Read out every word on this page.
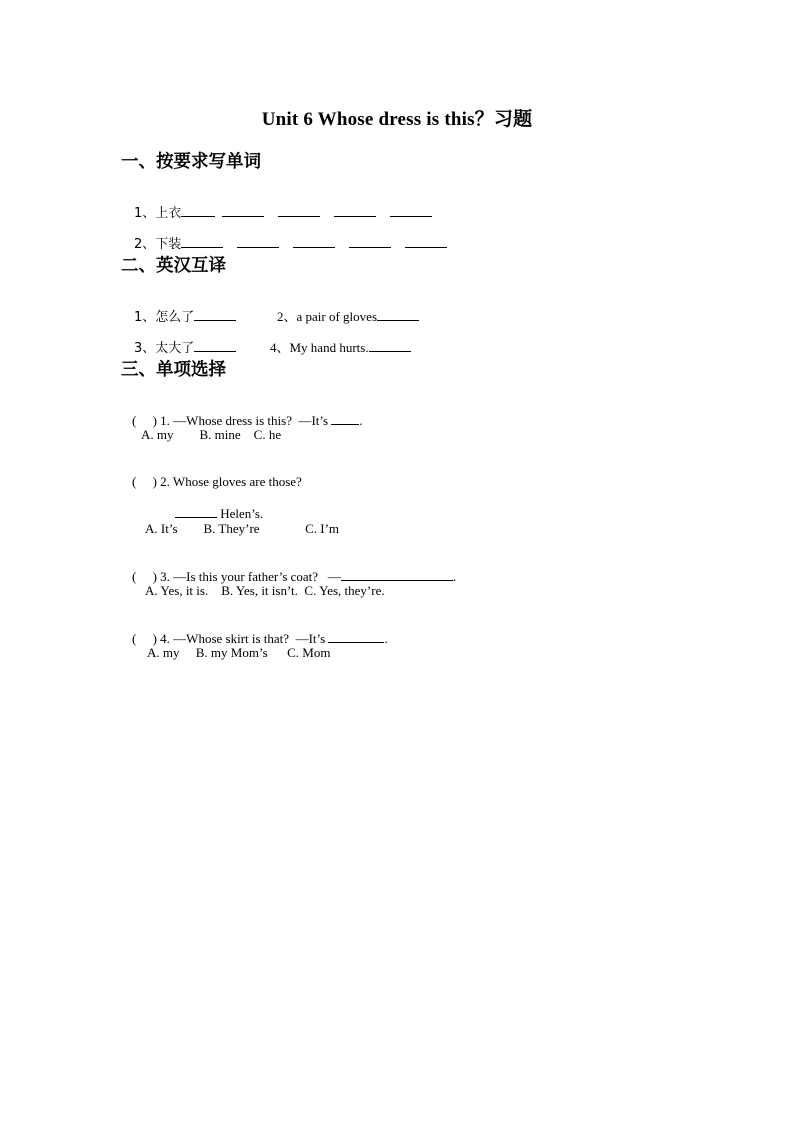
Unit 6 Whose dress is this？习题
一、按要求写单词

1、上衣

2、下装

二、英汉互译

1、怎么了
	2、a pair of gloves

3、太大了
	4、My hand hurts.

三、单项选择

(     ) 1. —Whose dress is this?  —It’s .

A. my        B. mine    C. he

(     ) 2. Whose gloves are those?

Helen’s.

A. It’s        B. They’re              C. I’m

(     ) 3. —Is this your father’s coat?   —	.

A. Yes, it is.    B. Yes, it isn’t.  C. Yes, they’re.

(     ) 4. —Whose skirt is that?  —It’s	.

A. my     B. my Mom’s      C. Mom
